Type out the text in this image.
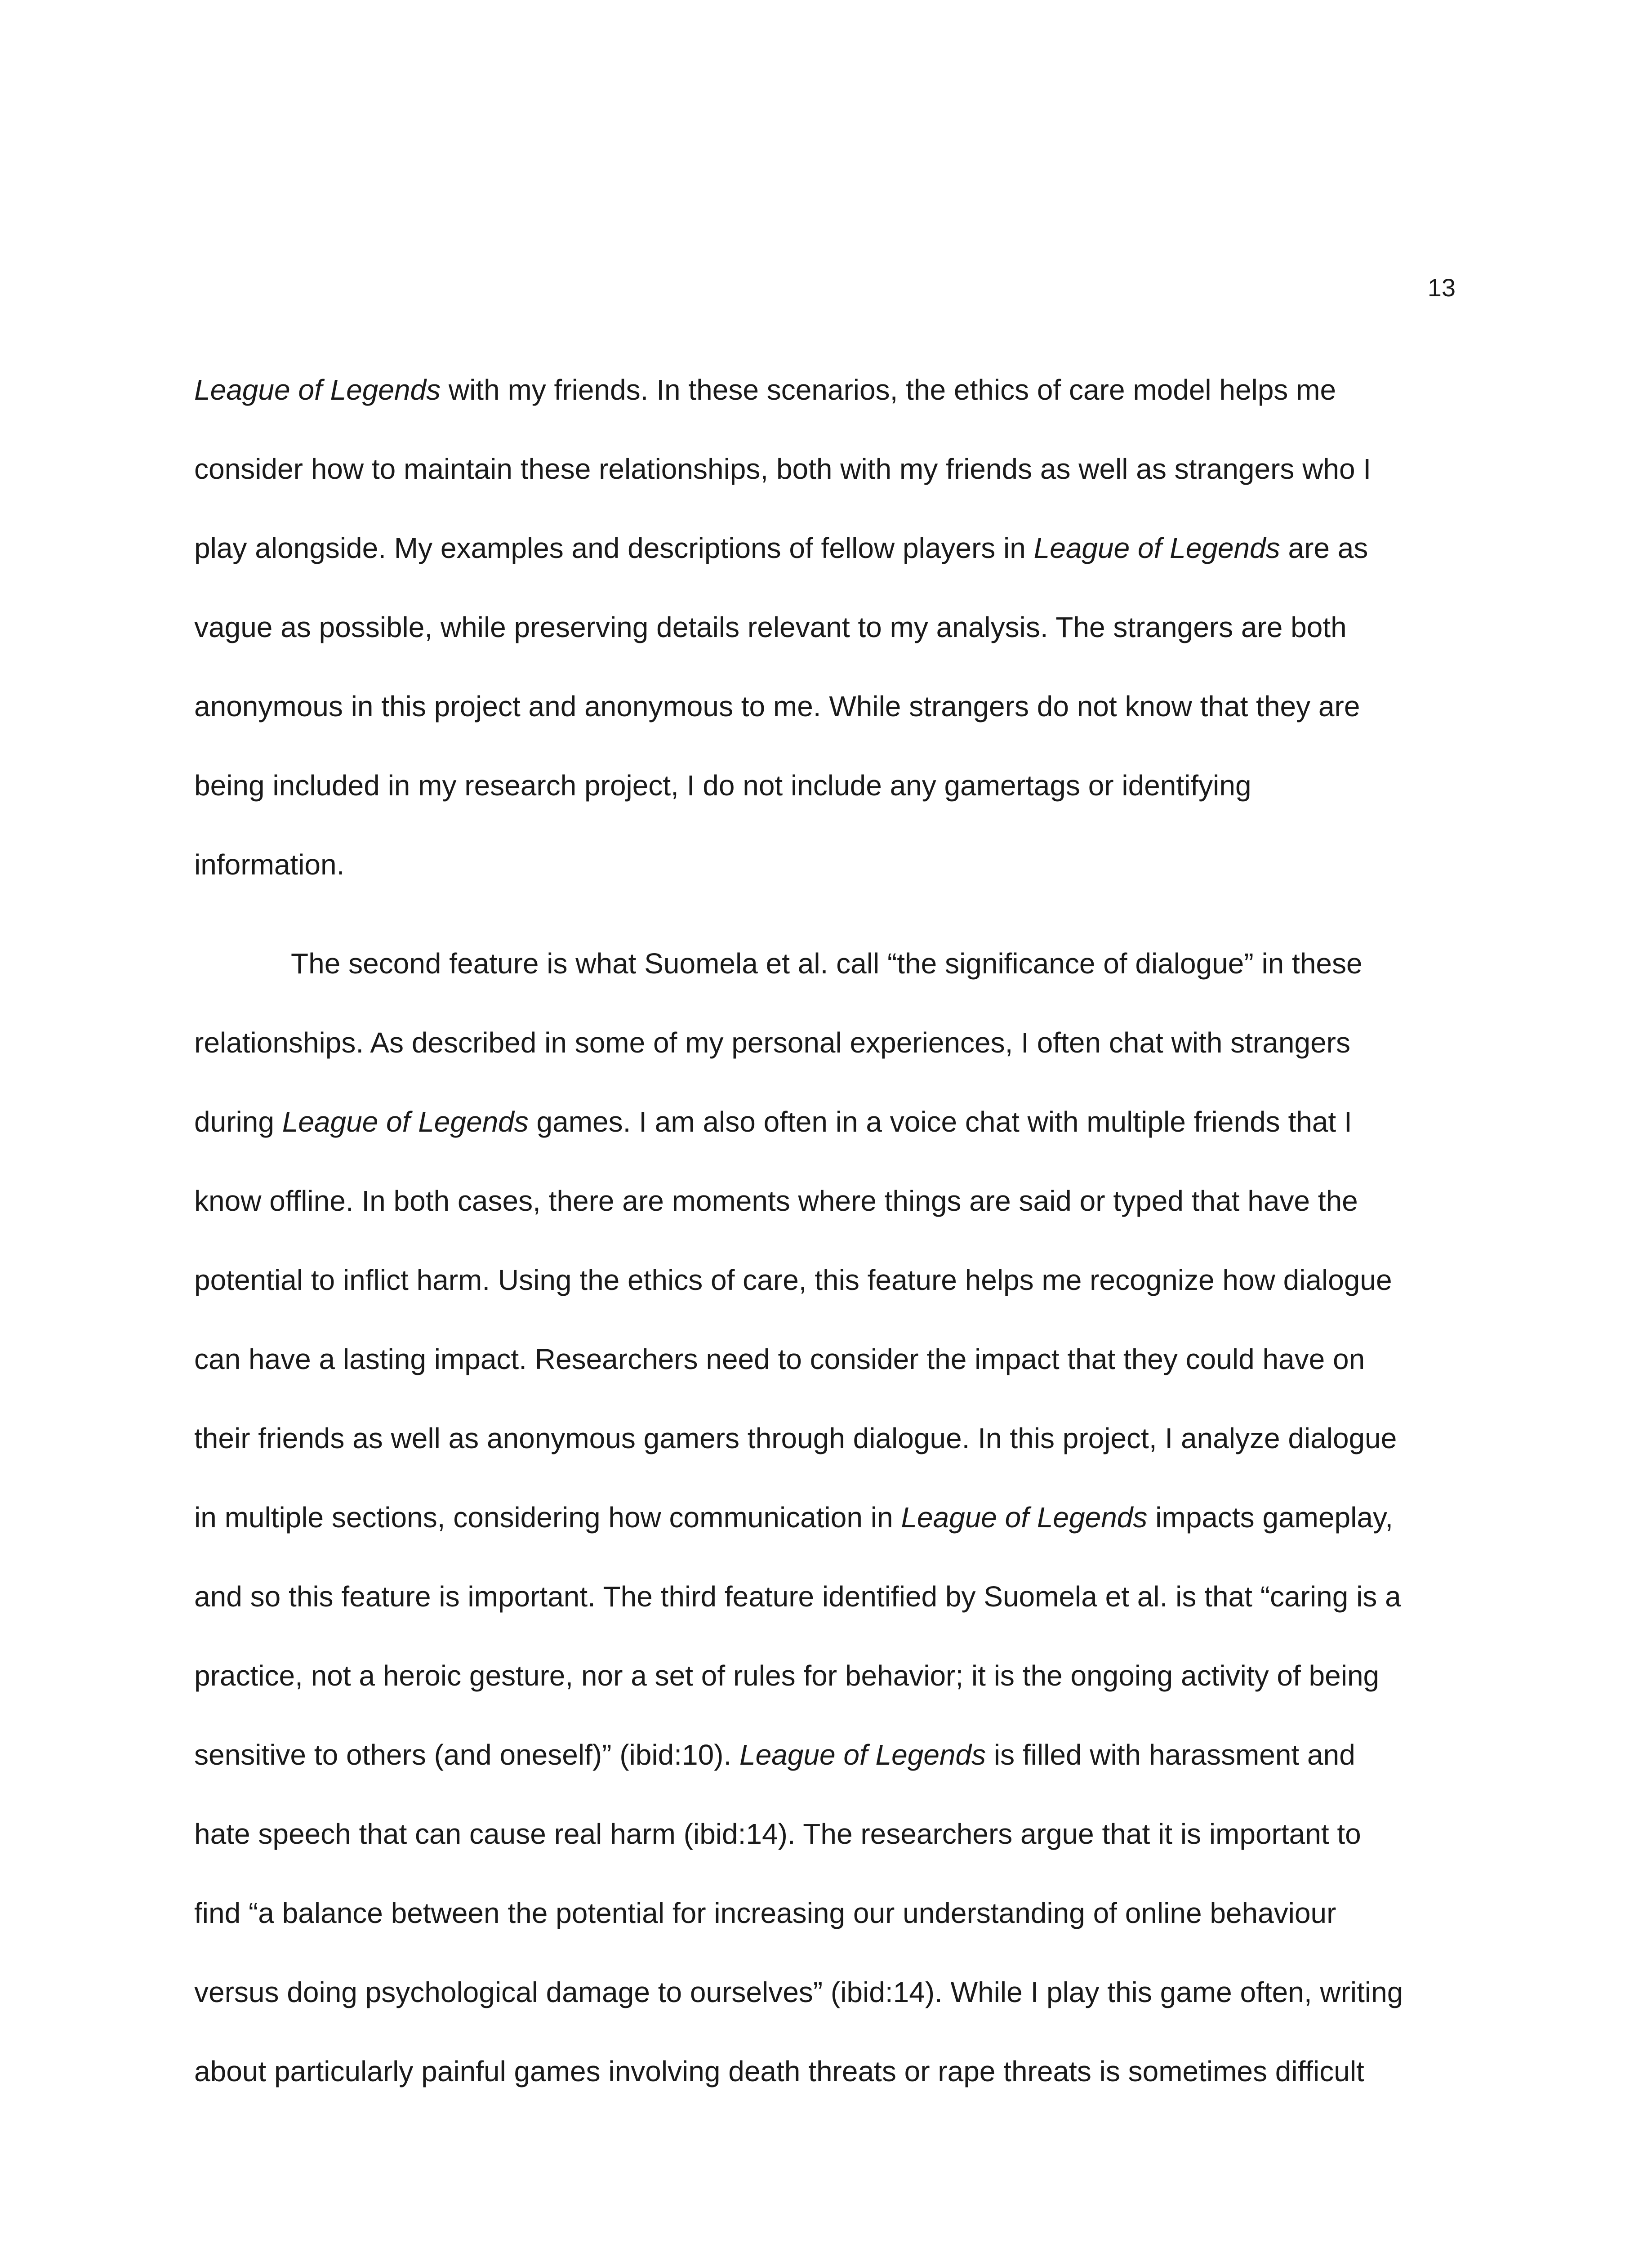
13
League of Legends with my friends. In these scenarios, the ethics of care model helps me
consider how to maintain these relationships, both with my friends as well as strangers who I
play alongside. My examples and descriptions of fellow players in League of Legends are as
vague as possible, while preserving details relevant to my analysis. The strangers are both
anonymous in this project and anonymous to me. While strangers do not know that they are
being included in my research project, I do not include any gamertags or identifying
information.
The second feature is what Suomela et al. call “the significance of dialogue” in these
relationships. As described in some of my personal experiences, I often chat with strangers
during League of Legends games. I am also often in a voice chat with multiple friends that I
know offline. In both cases, there are moments where things are said or typed that have the
potential to inflict harm. Using the ethics of care, this feature helps me recognize how dialogue
can have a lasting impact. Researchers need to consider the impact that they could have on
their friends as well as anonymous gamers through dialogue. In this project, I analyze dialogue
in multiple sections, considering how communication in League of Legends impacts gameplay,
and so this feature is important. The third feature identified by Suomela et al. is that “caring is a
practice, not a heroic gesture, nor a set of rules for behavior; it is the ongoing activity of being
sensitive to others (and oneself)” (ibid:10). League of Legends is filled with harassment and
hate speech that can cause real harm (ibid:14). The researchers argue that it is important to
find “a balance between the potential for increasing our understanding of online behaviour
versus doing psychological damage to ourselves” (ibid:14). While I play this game often, writing
about particularly painful games involving death threats or rape threats is sometimes difficult
